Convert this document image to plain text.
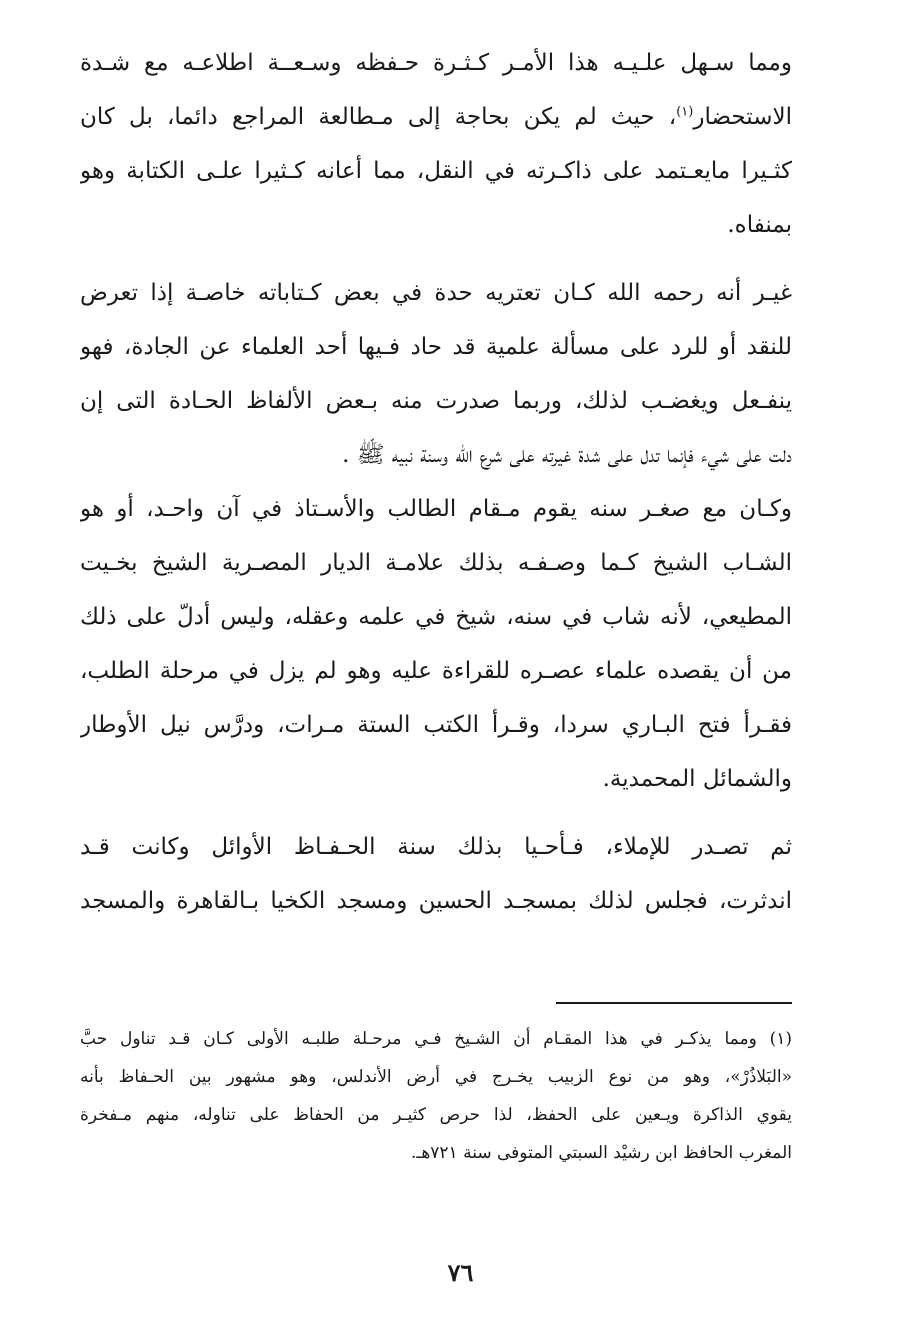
ومما سـهل علـيـه هذا الأمـر كـثـرة حـفظه وسـعــة اطلاعـه مع شـدة
الاستحضار$^{(١)}$، حيث لم يكن بحاجة إلى مـطالعة المراجع دائما، بل كان
كثـيرا مايعـتمد على ذاكـرته في النقل، مما أعانه كـثيرا علـى الكتابة وهو
بمنفاه.
غيـر أنه رحمه الله كـان تعتريه حدة في بعض كـتاباته خاصـة إذا تعرض
للنقد أو للرد على مسألة علمية قد حاد فـيها أحد العلماء عن الجادة، فهو
ينفـعل ويغضـب لذلك، وربما صدرت منه بـعض الألفاظ الحـادة التى إن
دلت على شيء فإنما تدل على شدة غيرته على شرع الله وسنة نبيه ﷺ .
وكـان مع صغـر سنه يقوم مـقام الطالب والأسـتاذ في آن واحـد، أو هو
الشـاب الشيخ كـما وصـفـه بذلك علامـة الديار المصـرية الشيخ بخـيت
المطيعي، لأنه شاب في سنه، شيخ في علمه وعقله، وليس أدلّ على ذلك
من أن يقصده علماء عصـره للقراءة عليه وهو لم يزل في مرحلة الطلب،
فقـرأ فتح البـاري سردا، وقـرأ الكتب الستة مـرات، ودرَّس نيل الأوطار
والشمائل المحمدية.
ثم تصـدر للإملاء، فـأحـيا بذلك سنة الحـفـاظ الأوائل وكانت قـد
اندثرت، فجلس لذلك بمسجـد الحسين ومسجد الكخيا بـالقاهرة والمسجد
(١) ومما يذكـر في هذا المقـام أن الشـيخ فـي مرحـلة طلبـه الأولى كـان قـد تناول حبَّ
«البَلاذُرْ»، وهو من نوع الزبيب يخـرج في أرض الأندلس، وهو مشهور بين الحـفاظ بأنه
يقوي الذاكرة ويـعين على الحفظ، لذا حرص كثيـر من الحفاظ على تناوله، منهم مـفخرة
المغرب الحافظ ابن رشيْد السبتي المتوفى سنة ٧٢١هـ.
٧٦
